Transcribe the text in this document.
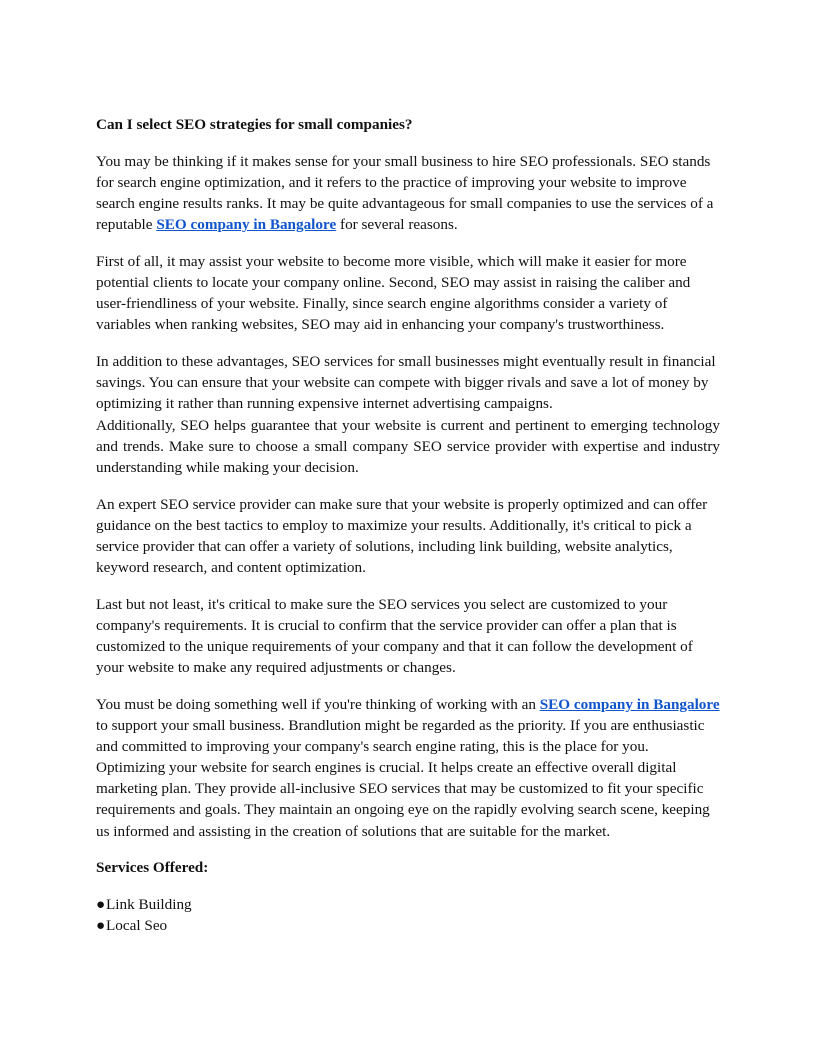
Can I select SEO strategies for small companies?

You may be thinking if it makes sense for your small business to hire SEO professionals. SEO stands for search engine optimization, and it refers to the practice of improving your website to improve search engine results ranks. It may be quite advantageous for small companies to use the services of a reputable SEO company in Bangalore for several reasons.

First of all, it may assist your website to become more visible, which will make it easier for more potential clients to locate your company online. Second, SEO may assist in raising the caliber and user-friendliness of your website. Finally, since search engine algorithms consider a variety of variables when ranking websites, SEO may aid in enhancing your company's trustworthiness.

In addition to these advantages, SEO services for small businesses might eventually result in financial savings. You can ensure that your website can compete with bigger rivals and save a lot of money by optimizing it rather than running expensive internet advertising campaigns.
Additionally, SEO helps guarantee that your website is current and pertinent to emerging technology and trends. Make sure to choose a small company SEO service provider with expertise and industry understanding while making your decision.

An expert SEO service provider can make sure that your website is properly optimized and can offer guidance on the best tactics to employ to maximize your results. Additionally, it's critical to pick a service provider that can offer a variety of solutions, including link building, website analytics, keyword research, and content optimization.

Last but not least, it's critical to make sure the SEO services you select are customized to your company's requirements. It is crucial to confirm that the service provider can offer a plan that is customized to the unique requirements of your company and that it can follow the development of your website to make any required adjustments or changes.

You must be doing something well if you're thinking of working with an SEO company in Bangalore to support your small business. Brandlution might be regarded as the priority. If you are enthusiastic and committed to improving your company's search engine rating, this is the place for you. Optimizing your website for search engines is crucial. It helps create an effective overall digital marketing plan. They provide all-inclusive SEO services that may be customized to fit your specific requirements and goals. They maintain an ongoing eye on the rapidly evolving search scene, keeping us informed and assisting in the creation of solutions that are suitable for the market.

Services Offered:

●Link Building
●Local Seo
